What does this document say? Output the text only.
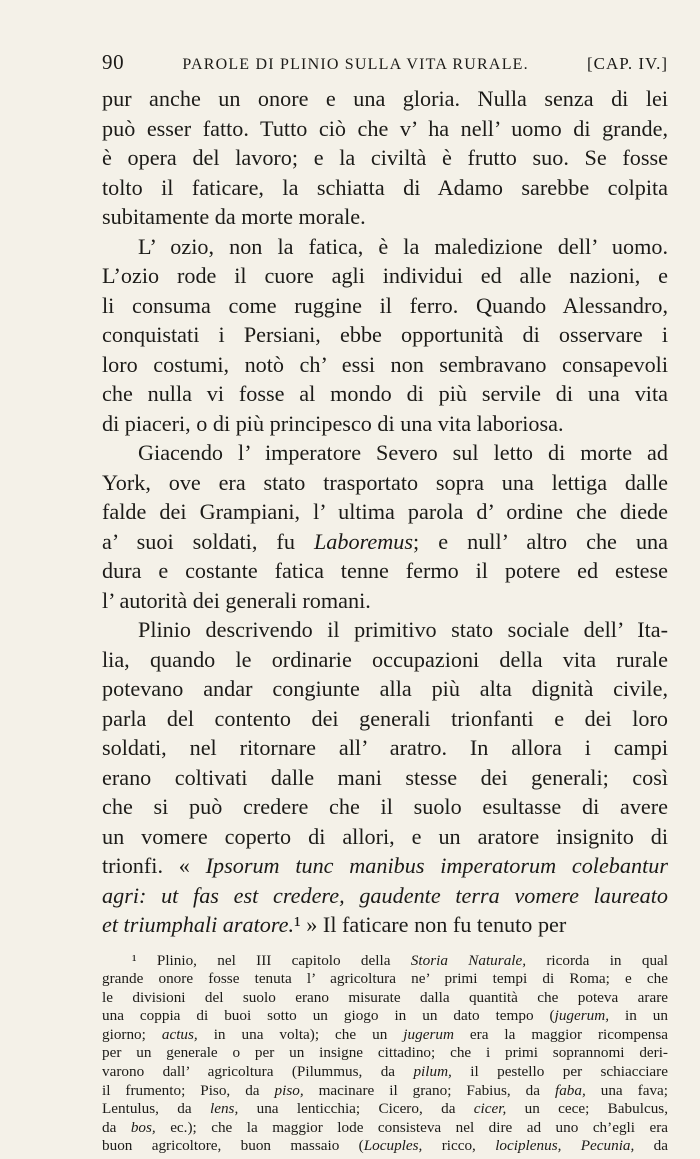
90	PAROLE DI PLINIO SULLA VITA RURALE.	[CAP. IV.]

pur anche un onore e una gloria. Nulla senza di lei
può esser fatto. Tutto ciò che v’ ha nell’ uomo di grande,
è opera del lavoro; e la civiltà è frutto suo. Se fosse
tolto il faticare, la schiatta di Adamo sarebbe colpita
subitamente da morte morale.

L’ ozio, non la fatica, è la maledizione dell’ uomo.
L’ozio rode il cuore agli individui ed alle nazioni, e
li consuma come ruggine il ferro. Quando Alessandro,
conquistati i Persiani, ebbe opportunità di osservare i
loro costumi, notò ch’ essi non sembravano consapevoli
che nulla vi fosse al mondo di più servile di una vita
di piaceri, o di più principesco di una vita laboriosa.

Giacendo l’ imperatore Severo sul letto di morte ad
York, ove era stato trasportato sopra una lettiga dalle
falde dei Grampiani, l’ ultima parola d’ ordine che diede
a’ suoi soldati, fu Laboremus; e null’ altro che una
dura e costante fatica tenne fermo il potere ed estese
l’ autorità dei generali romani.

Plinio descrivendo il primitivo stato sociale dell’ Ita-
lia, quando le ordinarie occupazioni della vita rurale
potevano andar congiunte alla più alta dignità civile,
parla del contento dei generali trionfanti e dei loro
soldati, nel ritornare all’ aratro. In allora i campi
erano coltivati dalle mani stesse dei generali; così
che si può credere che il suolo esultasse di avere
un vomere coperto di allori, e un aratore insignito di
trionfi. « Ipsorum tunc manibus imperatorum colebantur
agri: ut fas est credere, gaudente terra vomere laureato
et triumphali aratore.¹ » Il faticare non fu tenuto per

¹ Plinio, nel III capitolo della Storia Naturale, ricorda in qual
grande onore fosse tenuta l’ agricoltura ne’ primi tempi di Roma; e che
le divisioni del suolo erano misurate dalla quantità che poteva arare
una coppia di buoi sotto un giogo in un dato tempo (jugerum, in un
giorno; actus, in una volta); che un jugerum era la maggior ricompensa
per un generale o per un insigne cittadino; che i primi soprannomi deri-
varono dall’ agricoltura (Pilummus, da pilum, il pestello per schiacciare
il frumento; Piso, da piso, macinare il grano; Fabius, da faba, una fava;
Lentulus, da lens, una lenticchia; Cicero, da cicer, un cece; Babulcus,
da bos, ec.); che la maggior lode consisteva nel dire ad uno ch’egli era
buon agricoltore, buon massaio (Locuples, ricco, lociplenus, Pecunia, da
